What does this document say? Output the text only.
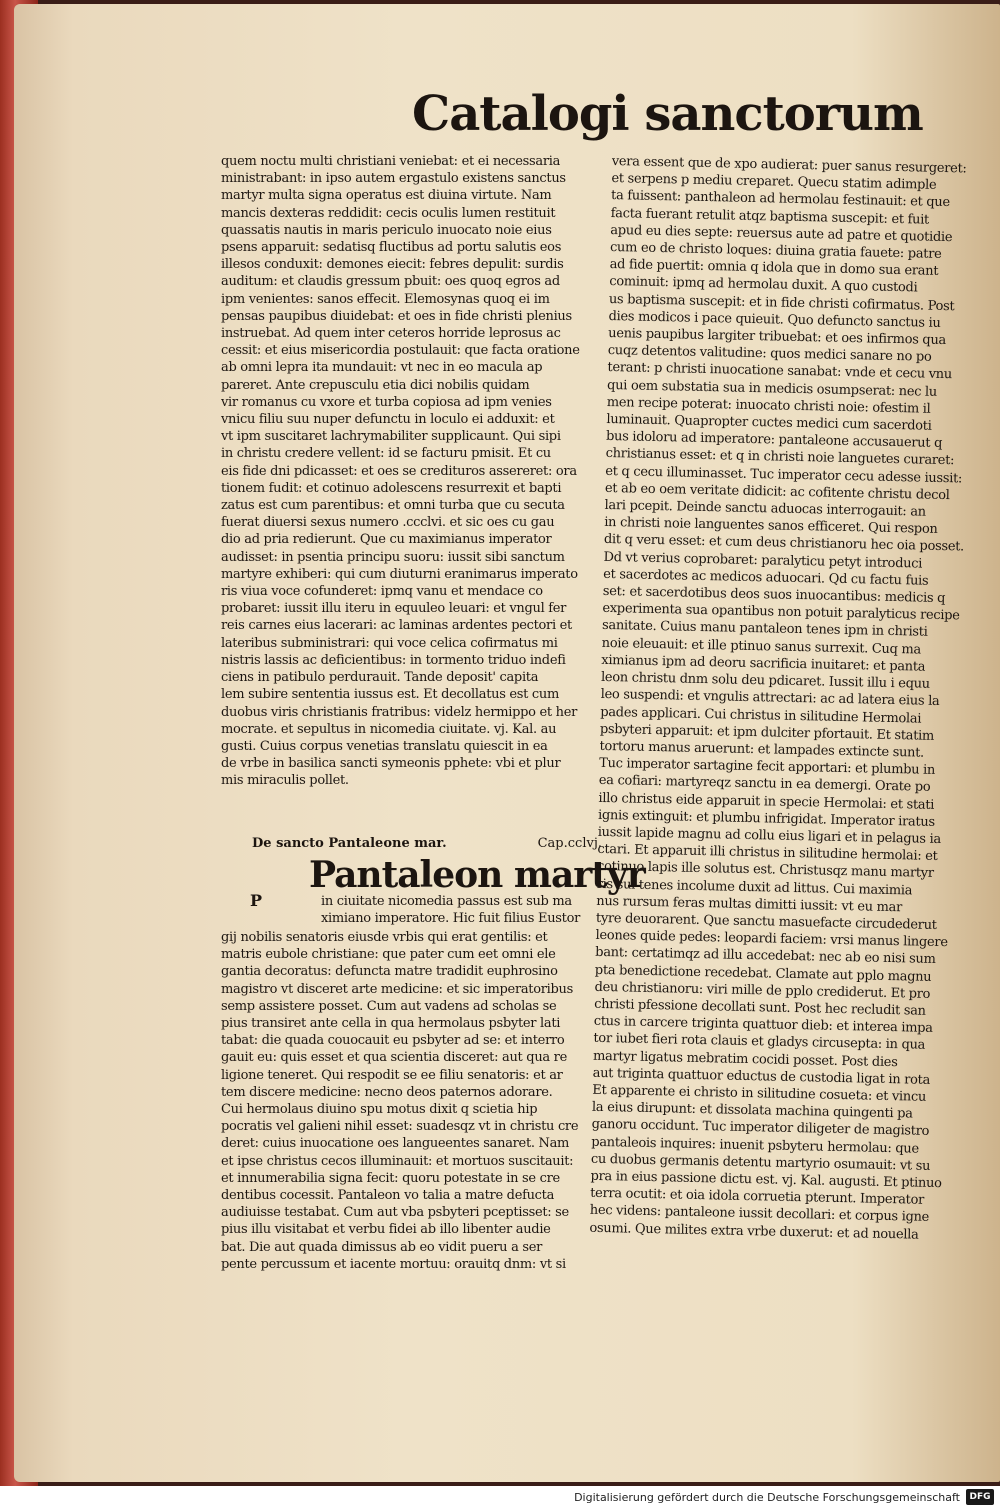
Catalogi sanctorum

quem noctu multi christiani veniebat: et ei necessaria

ministrabant: in ipso autem ergastulo existens sanctus

martyr multa signa operatus est diuina virtute. Nam

mancis dexteras reddidit: cecis oculis lumen restituit

quassatis nautis in maris periculo inuocato noie eius

psens apparuit: sedatisq fluctibus ad portu salutis eos

illesos conduxit: demones eiecit: febres depulit: surdis

auditum: et claudis gressum pbuit: oes quoq egros ad

ipm venientes: sanos effecit. Elemosynas quoq ei im

pensas paupibus diuidebat: et oes in fide christi plenius

instruebat. Ad quem inter ceteros horride leprosus ac

cessit: et eius misericordia postulauit: que facta oratione

ab omni lepra ita mundauit: vt nec in eo macula ap

pareret. Ante crepusculu etia dici nobilis quidam

vir romanus cu vxore et turba copiosa ad ipm venies

vnicu filiu suu nuper defunctu in loculo ei adduxit: et

vt ipm suscitaret lachrymabiliter supplicaunt. Qui sipi

in christu credere vellent: id se facturu pmisit. Et cu

eis fide dni pdicasset: et oes se credituros assereret: ora

tionem fudit: et cotinuo adolescens resurrexit et bapti

zatus est cum parentibus: et omni turba que cu secuta

fuerat diuersi sexus numero .ccclvi. et sic oes cu gau

dio ad pria redierunt. Que cu maximianus imperator

audisset: in psentia principu suoru: iussit sibi sanctum

martyre exhiberi: qui cum diuturni eranimarus imperato

ris viua voce cofunderet: ipmq vanu et mendace co

probaret: iussit illu iteru in equuleo leuari: et vngul fer

reis carnes eius lacerari: ac laminas ardentes pectori et

lateribus subministrari: qui voce celica cofirmatus mi

nistris lassis ac deficientibus: in tormento triduo indefi

ciens in patibulo perdurauit. Tande deposit' capita

lem subire sententia iussus est. Et decollatus est cum

duobus viris christianis fratribus: videlz hermippo et her

mocrate. et sepultus in nicomedia ciuitate. vj. Kal. au

gusti. Cuius corpus venetias translatu quiescit in ea

de vrbe in basilica sancti symeonis pphete: vbi et plur

mis miraculis pollet.

De sancto Pantaleone mar.	Cap.cclvj.
Pantaleon martyr
P	in ciuitate nicomedia passus est sub ma

ximiano imperatore. Hic fuit filius Eustor

gij nobilis senatoris eiusde vrbis qui erat gentilis: et

matris eubole christiane: que pater cum eet omni ele

gantia decoratus: defuncta matre tradidit euphrosino

magistro vt disceret arte medicine: et sic imperatoribus

semp assistere posset. Cum aut vadens ad scholas se

pius transiret ante cella in qua hermolaus psbyter lati

tabat: die quada couocauit eu psbyter ad se: et interro

gauit eu: quis esset et qua scientia disceret: aut qua re

ligione teneret. Qui respodit se ee filiu senatoris: et ar

tem discere medicine: necno deos paternos adorare.

Cui hermolaus diuino spu motus dixit q scietia hip

pocratis vel galieni nihil esset: suadesqz vt in christu cre

deret: cuius inuocatione oes langueentes sanaret. Nam

et ipse christus cecos illuminauit: et mortuos suscitauit:

et innumerabilia signa fecit: quoru potestate in se cre

dentibus cocessit. Pantaleon vo talia a matre defucta

audiuisse testabat. Cum aut vba psbyteri pceptisset: se

pius illu visitabat et verbu fidei ab illo libenter audie

bat. Die aut quada dimissus ab eo vidit pueru a ser

pente percussum et iacente mortuu: orauitq dnm: vt si

vera essent que de xpo audierat: puer sanus resurgeret:

et serpens p mediu creparet. Quecu statim adimple

ta fuissent: panthaleon ad hermolau festinauit: et que

facta fuerant retulit atqz baptisma suscepit: et fuit

apud eu dies septe: reuersus aute ad patre et quotidie

cum eo de christo loques: diuina gratia fauete: patre

ad fide puertit: omnia q idola que in domo sua erant

cominuit: ipmq ad hermolau duxit. A quo custodi

us baptisma suscepit: et in fide christi cofirmatus. Post

dies modicos i pace quieuit. Quo defuncto sanctus iu

uenis paupibus largiter tribuebat: et oes infirmos qua

cuqz detentos valitudine: quos medici sanare no po

terant: p christi inuocatione sanabat: vnde et cecu vnu

qui oem substatia sua in medicis osumpserat: nec lu

men recipe poterat: inuocato christi noie: ofestim il

luminauit. Quapropter cuctes medici cum sacerdoti

bus idoloru ad imperatore: pantaleone accusauerut q

christianus esset: et q in christi noie languetes curaret:

et q cecu illuminasset. Tuc imperator cecu adesse iussit:

et ab eo oem veritate didicit: ac cofitente christu decol

lari pcepit. Deinde sanctu aduocas interrogauit: an

in christi noie languentes sanos efficeret. Qui respon

dit q veru esset: et cum deus christianoru hec oia posset.

Dd vt verius coprobaret: paralyticu petyt introduci

et sacerdotes ac medicos aduocari. Qd cu factu fuis

set: et sacerdotibus deos suos inuocantibus: medicis q

experimenta sua opantibus non potuit paralyticus recipe

sanitate. Cuius manu pantaleon tenes ipm in christi

noie eleuauit: et ille ptinuo sanus surrexit. Cuq ma

ximianus ipm ad deoru sacrificia inuitaret: et panta

leon christu dnm solu deu pdicaret. Iussit illu i equu

leo suspendi: et vngulis attrectari: ac ad latera eius la

pades applicari. Cui christus in silitudine Hermolai

psbyteri apparuit: et ipm dulciter pfortauit. Et statim

tortoru manus aruerunt: et lampades extincte sunt.

Tuc imperator sartagine fecit apportari: et plumbu in

ea cofiari: martyreqz sanctu in ea demergi. Orate po

illo christus eide apparuit in specie Hermolai: et stati

ignis extinguit: et plumbu infrigidat. Imperator iratus

iussit lapide magnu ad collu eius ligari et in pelagus ia

ctari. Et apparuit illi christus in silitudine hermolai: et

cotinuo lapis ille solutus est. Christusqz manu martyr

ris sui tenes incolume duxit ad littus. Cui maximia

nus rursum feras multas dimitti iussit: vt eu mar

tyre deuorarent. Que sanctu masuefacte circudederut

leones quide pedes: leopardi faciem: vrsi manus lingere

bant: certatimqz ad illu accedebat: nec ab eo nisi sum

pta benedictione recedebat. Clamate aut pplo magnu

deu christianoru: viri mille de pplo crediderut. Et pro

christi pfessione decollati sunt. Post hec recludit san

ctus in carcere triginta quattuor dieb: et interea impa

tor iubet fieri rota clauis et gladys circusepta: in qua

martyr ligatus mebratim cocidi posset. Post dies

aut triginta quattuor eductus de custodia ligat in rota

Et apparente ei christo in silitudine cosueta: et vincu

la eius dirupunt: et dissolata machina quingenti pa

ganoru occidunt. Tuc imperator diligeter de magistro

pantaleois inquires: inuenit psbyteru hermolau: que

cu duobus germanis detentu martyrio osumauit: vt su

pra in eius passione dictu est. vj. Kal. augusti. Et ptinuo

terra ocutit: et oia idola corruetia pterunt. Imperator

hec videns: pantaleone iussit decollari: et corpus igne

osumi. Que milites extra vrbe duxerut: et ad nouella

Digitalisierung gefördert durch die Deutsche Forschungsgemeinschaft	DFG
